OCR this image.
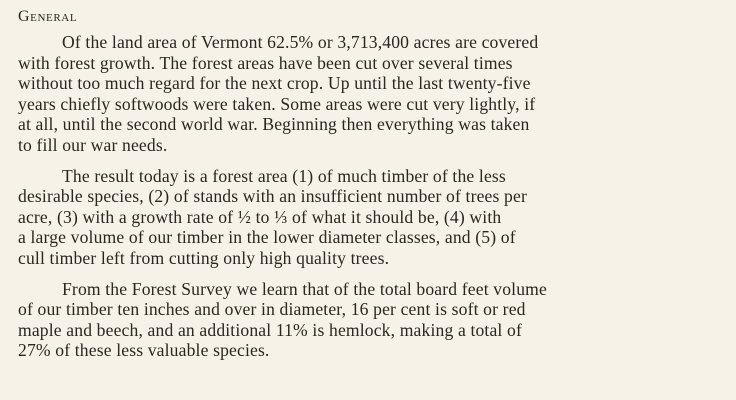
General
Of the land area of Vermont 62.5% or 3,713,400 acres are covered
with forest growth. The forest areas have been cut over several times
without too much regard for the next crop. Up until the last twenty-five
years chiefly softwoods were taken. Some areas were cut very lightly, if
at all, until the second world war. Beginning then everything was taken
to fill our war needs.
The result today is a forest area (1) of much timber of the less
desirable species, (2) of stands with an insufficient number of trees per
acre, (3) with a growth rate of ½ to ⅓ of what it should be, (4) with
a large volume of our timber in the lower diameter classes, and (5) of
cull timber left from cutting only high quality trees.
From the Forest Survey we learn that of the total board feet volume
of our timber ten inches and over in diameter, 16 per cent is soft or red
maple and beech, and an additional 11% is hemlock, making a total of
27% of these less valuable species.
